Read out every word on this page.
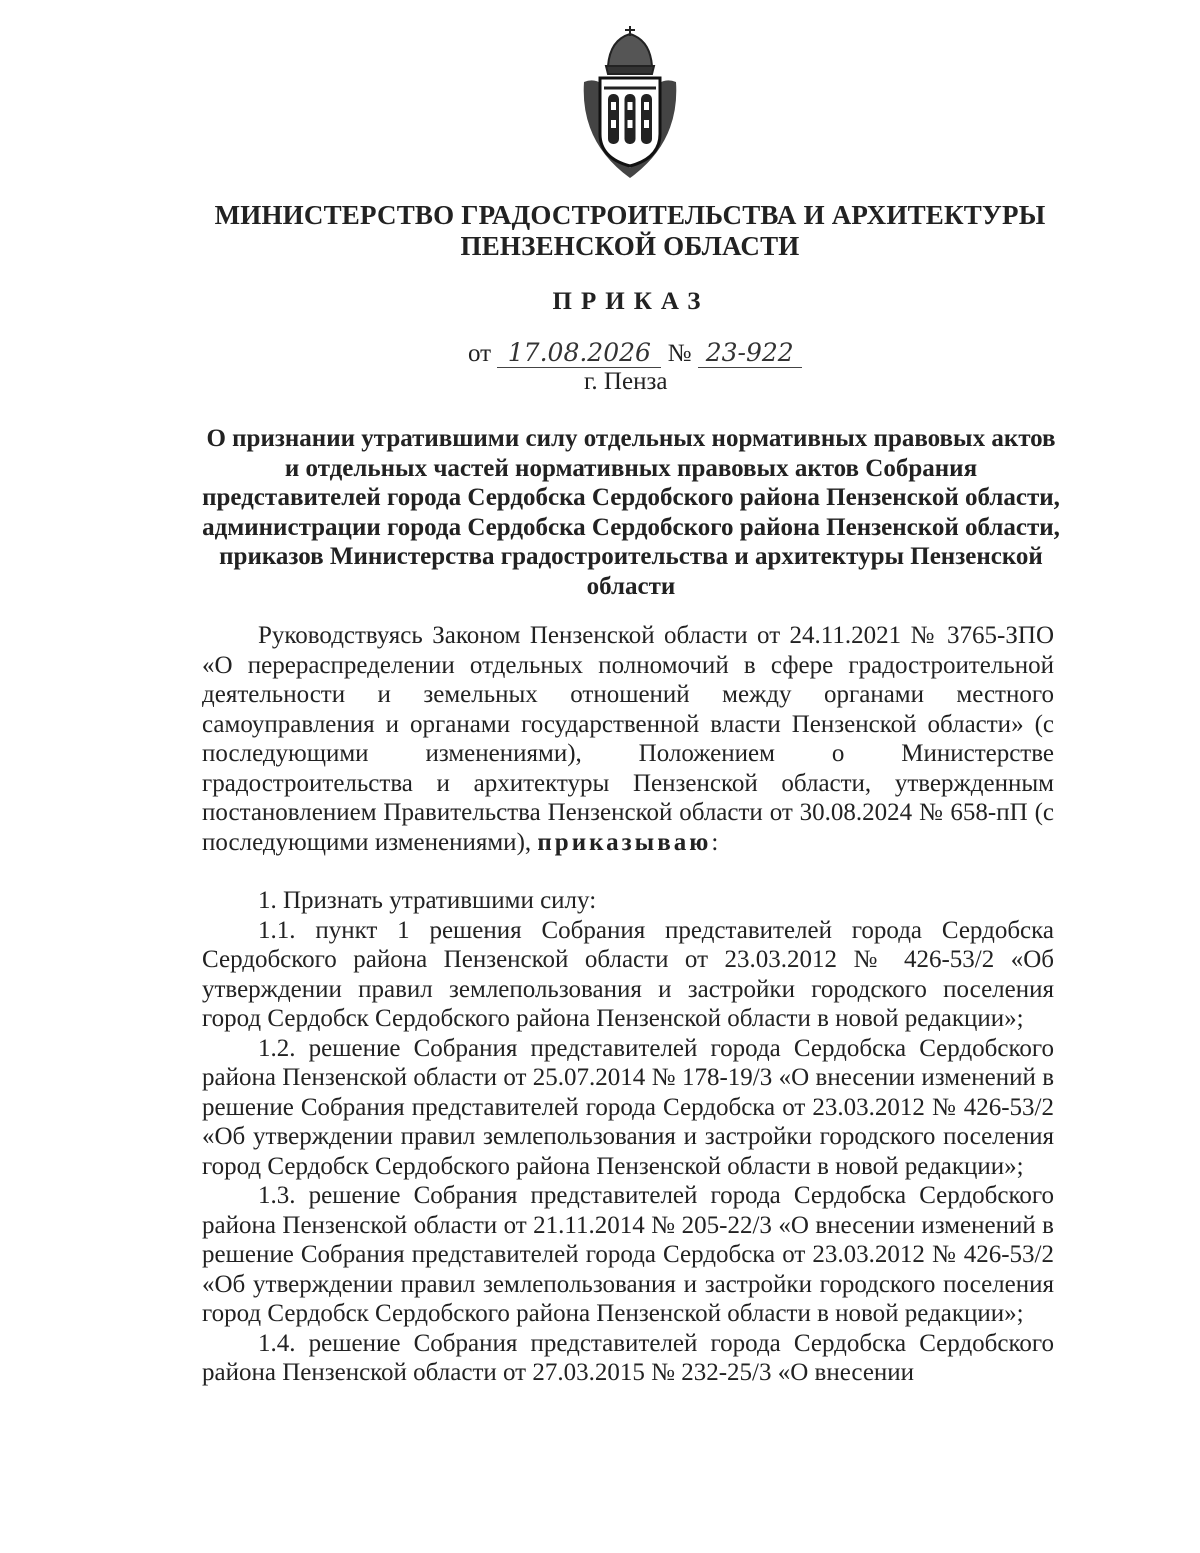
МИНИСТЕРСТВО ГРАДОСТРОИТЕЛЬСТВА И АРХИТЕКТУРЫ
ПЕНЗЕНСКОЙ ОБЛАСТИ
ПРИКАЗ
от 17.08.2026 № 23-922
г. Пенза
О признании утратившими силу отдельных нормативных правовых актов и отдельных частей нормативных правовых актов Собрания представителей города Сердобска Сердобского района Пензенской области, администрации города Сердобска Сердобского района Пензенской области, приказов Министерства градостроительства и архитектуры Пензенской области

Руководствуясь Законом Пензенской области от 24.11.2021 № 3765-ЗПО «О перераспределении отдельных полномочий в сфере градостроительной деятельности и земельных отношений между органами местного самоуправления и органами государственной власти Пензенской области» (с последующими изменениями), Положением о Министерстве градостроительства и архитектуры Пензенской области, утвержденным постановлением Правительства Пензенской области от 30.08.2024 № 658-пП (с последующими изменениями), приказываю:

1. Признать утратившими силу:

1.1. пункт 1 решения Собрания представителей города Сердобска Сердобского района Пензенской области от 23.03.2012 № 426-53/2 «Об утверждении правил землепользования и застройки городского поселения город Сердобск Сердобского района Пензенской области в новой редакции»;

1.2. решение Собрания представителей города Сердобска Сердобского района Пензенской области от 25.07.2014 № 178-19/3 «О внесении изменений в решение Собрания представителей города Сердобска от 23.03.2012 № 426-53/2 «Об утверждении правил землепользования и застройки городского поселения город Сердобск Сердобского района Пензенской области в новой редакции»;

1.3. решение Собрания представителей города Сердобска Сердобского района Пензенской области от 21.11.2014 № 205-22/3 «О внесении изменений в решение Собрания представителей города Сердобска от 23.03.2012 № 426-53/2 «Об утверждении правил землепользования и застройки городского поселения город Сердобск Сердобского района Пензенской области в новой редакции»;

1.4. решение Собрания представителей города Сердобска Сердобского района Пензенской области от 27.03.2015 № 232-25/3 «О внесении
